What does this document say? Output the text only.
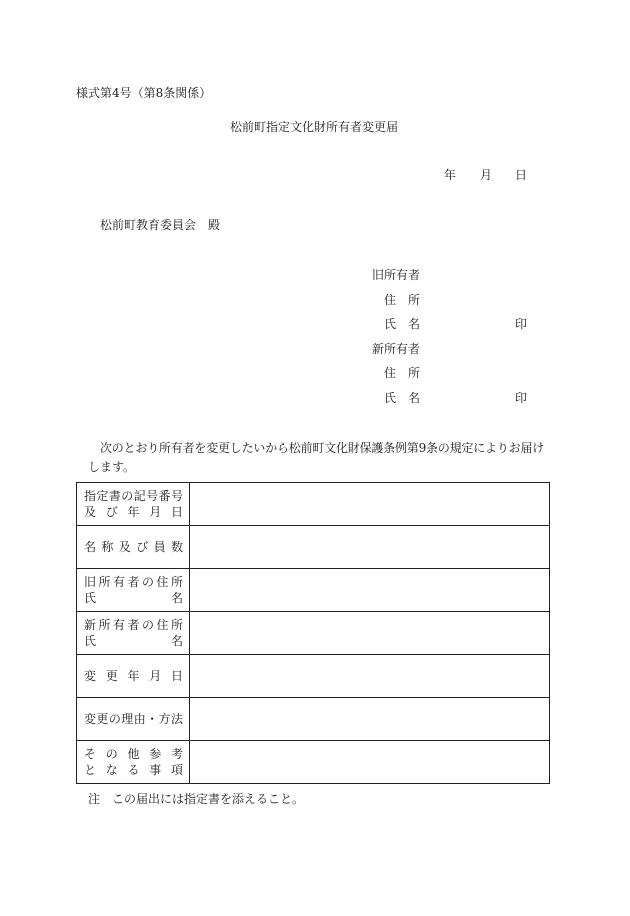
様式第4号（第8条関係）
松前町指定文化財所有者変更届
年 月 日
松前町教育委員会　殿
旧所有者
住　所
氏　名	印
新所有者
住　所
氏　名	印
次のとおり所有者を変更したいから松前町文化財保護条例第9条の規定によりお届け
します。
指定書の記号番号
及び年月日	

名称及び員数	

旧所有者の住所
氏名	

新所有者の住所
氏名	

変更年月日	

変更の理由・方法	

その他参考
となる事項	

注　この届出には指定書を添えること。
